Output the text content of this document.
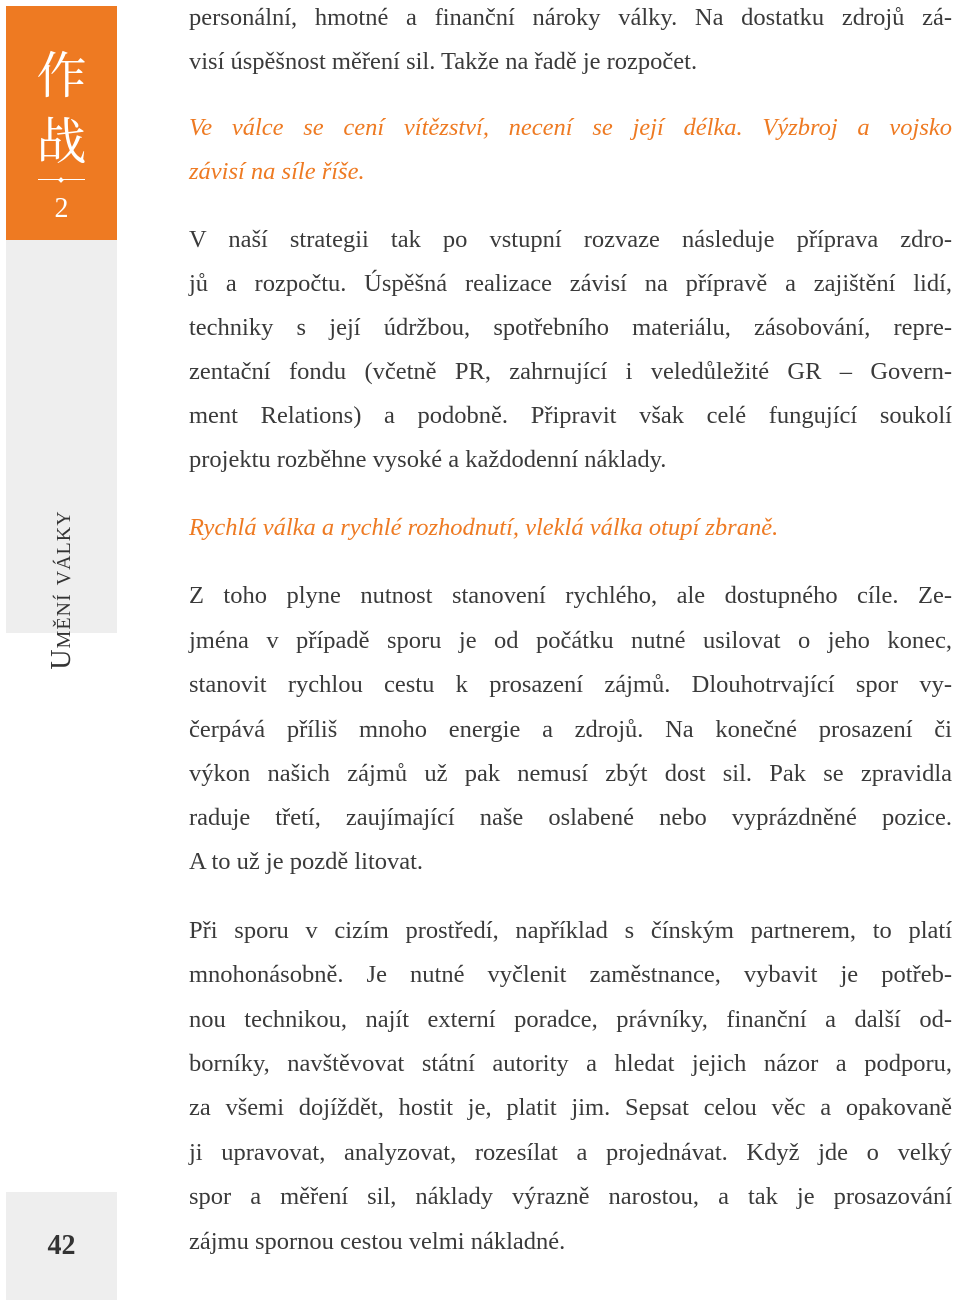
作
战
2
Umění války
42
personální, hmotné a finanční nároky války. Na dostatku zdrojů zá-
visí úspěšnost měření sil. Takže na řadě je rozpočet.
Ve válce se cení vítězství, necení se její délka. Výzbroj a vojsko
závisí na síle říše.
V naší strategii tak po vstupní rozvaze následuje příprava zdro-
jů a rozpočtu. Úspěšná realizace závisí na přípravě a zajištění lidí,
techniky s její údržbou, spotřebního materiálu, zásobování, repre-
zentační fondu (včetně PR, zahrnující i veledůležité GR – Govern-
ment Relations) a podobně. Připravit však celé fungující soukolí
projektu rozběhne vysoké a každodenní náklady.
Rychlá válka a rychlé rozhodnutí, vleklá válka otupí zbraně.
Z toho plyne nutnost stanovení rychlého, ale dostupného cíle. Ze-
jména v případě sporu je od počátku nutné usilovat o jeho konec,
stanovit rychlou cestu k prosazení zájmů. Dlouhotrvající spor vy-
čerpává příliš mnoho energie a zdrojů. Na konečné prosazení či
výkon našich zájmů už pak nemusí zbýt dost sil. Pak se zpravidla
raduje třetí, zaujímající naše oslabené nebo vyprázdněné pozice.
A to už je pozdě litovat.
Při sporu v cizím prostředí, například s čínským partnerem, to platí
mnohonásobně. Je nutné vyčlenit zaměstnance, vybavit je potřeb-
nou technikou, najít externí poradce, právníky, finanční a další od-
borníky, navštěvovat státní autority a hledat jejich názor a podporu,
za všemi dojíždět, hostit je, platit jim. Sepsat celou věc a opakovaně
ji upravovat, analyzovat, rozesílat a projednávat. Když jde o velký
spor a měření sil, náklady výrazně narostou, a tak je prosazování
zájmu spornou cestou velmi nákladné.
